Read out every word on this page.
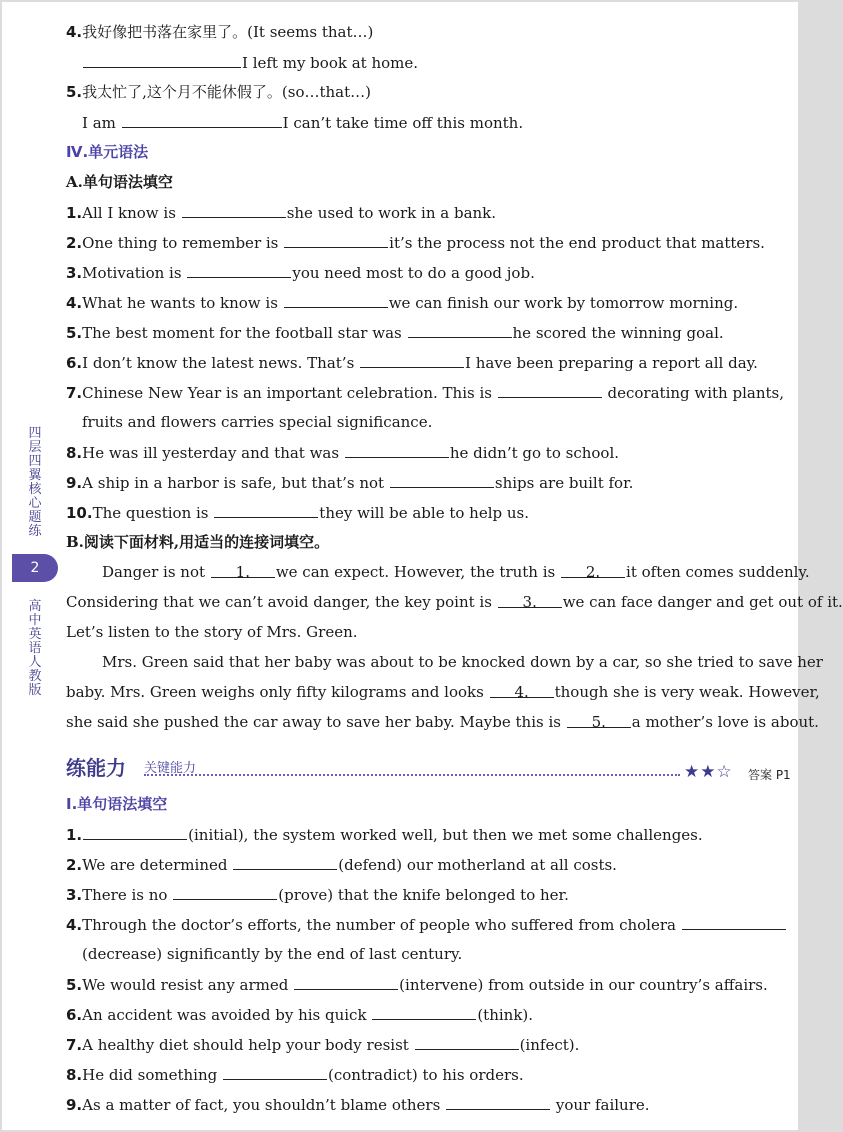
四层四翼核心题练
2
高中英语 人教版
4.我好像把书落在家里了。(It seems that…)
I left my book at home.
5.我太忙了,这个月不能休假了。(so…that…)
I am	I can’t take time off this month.
Ⅳ.单元语法
A.单句语法填空
1.All I know is	she used to work in a bank.
2.One thing to remember is	it’s the process not the end product that matters.
3.Motivation is	you need most to do a good job.
4.What he wants to know is	we can finish our work by tomorrow morning.
5.The best moment for the football star was	he scored the winning goal.
6.I don’t know the latest news. That’s	I have been preparing a report all day.
7.Chinese New Year is an important celebration. This is	decorating with plants,
fruits and flowers carries special significance.
8.He was ill yesterday and that was	he didn’t go to school.
9.A ship in a harbor is safe, but that’s not	ships are built for.
10.The question is	they will be able to help us.
B.阅读下面材料,用适当的连接词填空。
Danger is not 1. we can expect. However, the truth is 2. it often comes suddenly.
Considering that we can’t avoid danger, the key point is 3. we can face danger and get out of it.
Let’s listen to the story of Mrs. Green.
Mrs. Green said that her baby was about to be knocked down by a car, so she tried to save her
baby. Mrs. Green weighs only fifty kilograms and looks 4. though she is very weak. However,
she said she pushed the car away to save her baby. Maybe this is 5. a mother’s love is about.
练能力 关键能力	★★☆ 答案 P1
Ⅰ.单句语法填空
1.	(initial), the system worked well, but then we met some challenges.
2.We are determined	(defend) our motherland at all costs.
3.There is no	(prove) that the knife belonged to her.
4.Through the doctor’s efforts, the number of people who suffered from cholera
(decrease) significantly by the end of last century.
5.We would resist any armed	(intervene) from outside in our country’s affairs.
6.An accident was avoided by his quick	(think).
7.A healthy diet should help your body resist	(infect).
8.He did something	(contradict) to his orders.
9.As a matter of fact, you shouldn’t blame others	your failure.
